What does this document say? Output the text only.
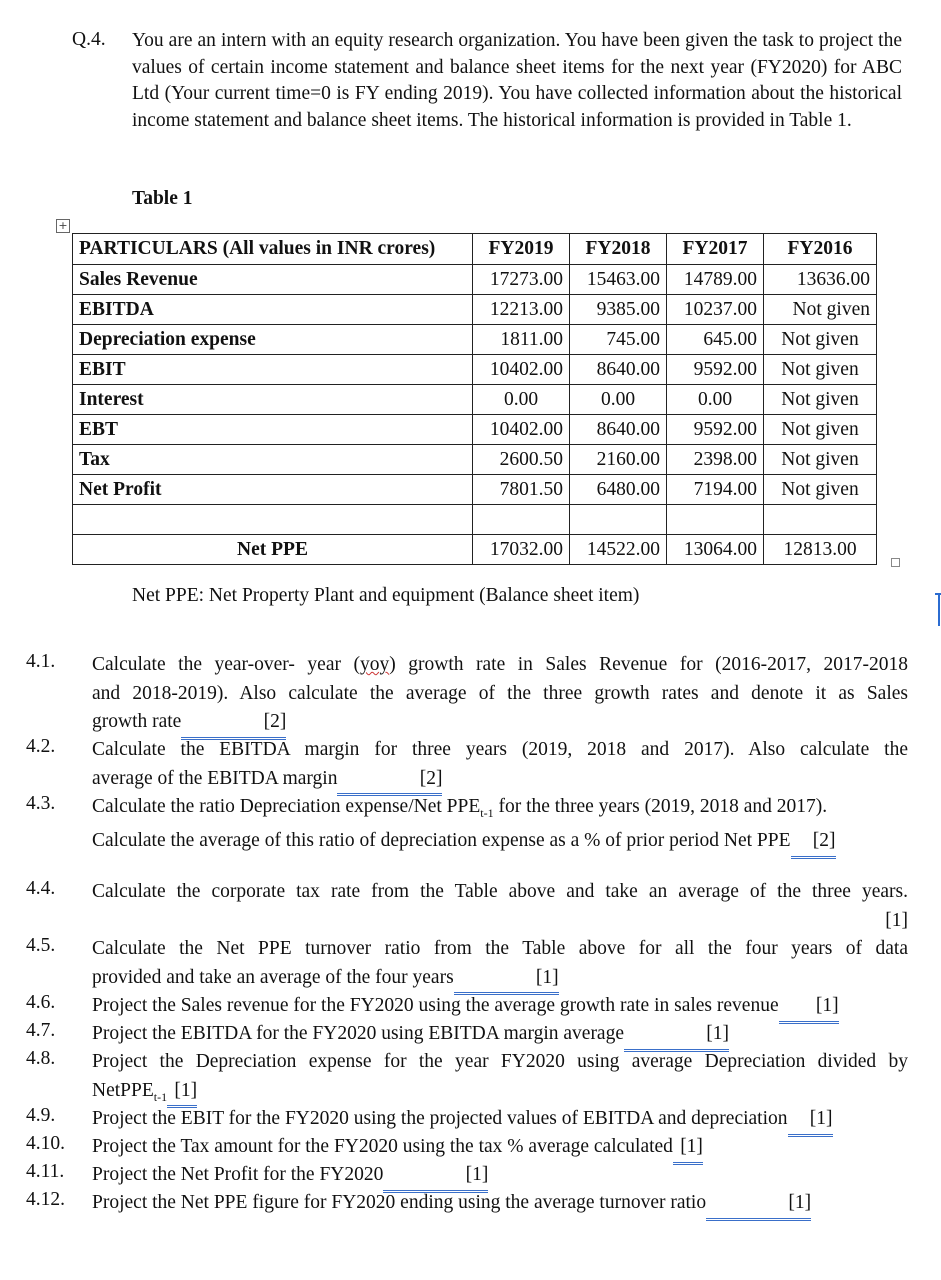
Q.4. You are an intern with an equity research organization. You have been given the task to project the values of certain income statement and balance sheet items for the next year (FY2020) for ABC Ltd (Your current time=0 is FY ending 2019). You have collected information about the historical income statement and balance sheet items. The historical information is provided in Table 1.
Table 1
+
PARTICULARS (All values in INR crores)	FY2019	FY2018	FY2017	FY2016
Sales Revenue	17273.00	15463.00	14789.00	13636.00
EBITDA	12213.00	9385.00	10237.00	Not given
Depreciation expense	1811.00	745.00	645.00	Not given
EBIT	10402.00	8640.00	9592.00	Not given
Interest	0.00	0.00	0.00	Not given
EBT	10402.00	8640.00	9592.00	Not given
Tax	2600.50	2160.00	2398.00	Not given
Net Profit	7801.50	6480.00	7194.00	Not given

Net PPE	17032.00	14522.00	13064.00	12813.00
Net PPE: Net Property Plant and equipment (Balance sheet item)
4.1.	Calculate the year-over- year (yoy) growth rate in Sales Revenue for (2016-2017, 2017-2018
and 2018-2019). Also calculate the average of the three growth rates and denote it as Sales
growth rate	[2]
4.2.	Calculate the EBITDA margin for three years (2019, 2018 and 2017). Also calculate the
average of the EBITDA margin	[2]
4.3.	Calculate the ratio Depreciation expense/Net $PPE_{t-1}$ for the three years (2019, 2018 and 2017).
Calculate the average of this ratio of depreciation expense as a % of prior period Net PPE [2]
4.4.	Calculate the corporate tax rate from the Table above and take an average of the three years.
[1]
4.5.	Calculate the Net PPE turnover ratio from the Table above for all the four years of data
provided and take an average of the four years	[1]
4.6.	Project the Sales revenue for the FY2020 using the average growth rate in sales revenue [1]
4.7.	Project the EBITDA for the FY2020 using EBITDA margin average	[1]
4.8.	Project the Depreciation expense for the year FY2020 using average Depreciation divided by
NetPPE$_{t-1}$ [1]
4.9.	Project the EBIT for the FY2020 using the projected values of EBITDA and depreciation [1]
4.10.	Project the Tax amount for the FY2020 using the tax % average calculated [1]
4.11.	Project the Net Profit for the FY2020	[1]
4.12.	Project the Net PPE figure for FY2020 ending using the average turnover ratio	[1]
